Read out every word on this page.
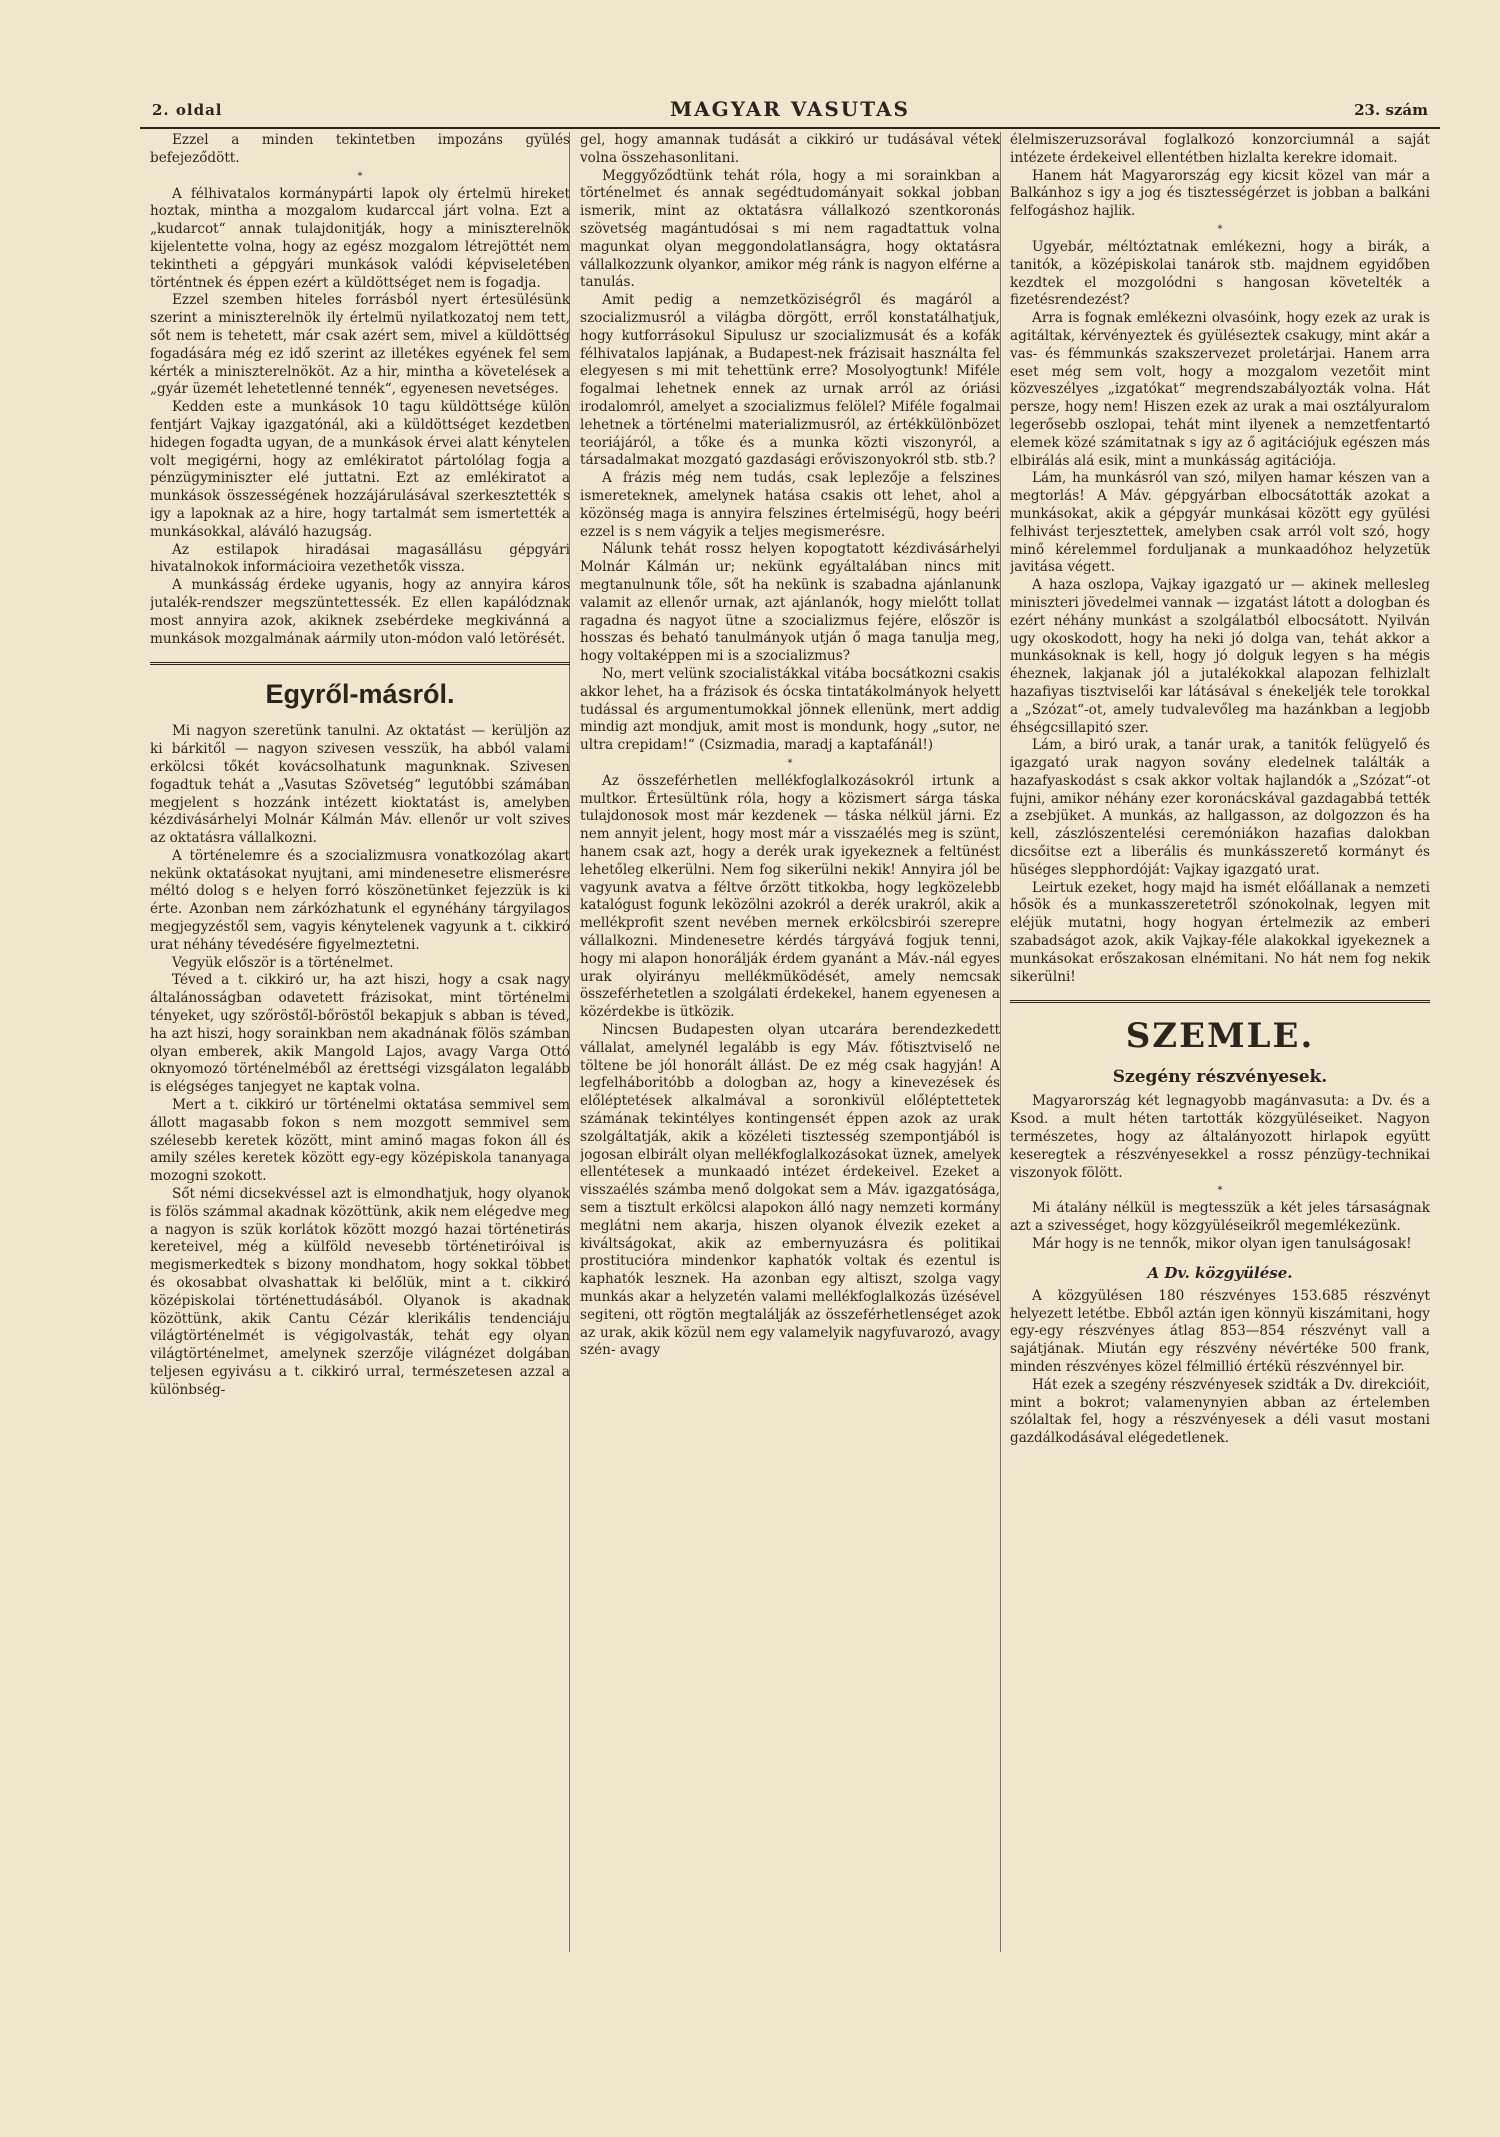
2. oldal	MAGYAR VASUTAS	23. szám

Ezzel a minden tekintetben impozáns gyülés befejeződött.

*

A félhivatalos kormánypárti lapok oly értelmü hireket hoztak, mintha a mozgalom kudarccal járt volna. Ezt a „kudarcot“ annak tulajdonitják, hogy a miniszterelnök kijelentette volna, hogy az egész mozgalom létrejöttét nem tekintheti a gépgyári munkások valódi képviseletében történtnek és éppen ezért a küldöttséget nem is fogadja.

Ezzel szemben hiteles forrásból nyert értesülésünk szerint a miniszterelnök ily értelmü nyilatkozatoj nem tett, sőt nem is tehetett, már csak azért sem, mivel a küldöttség fogadására még ez idő szerint az illetékes egyének fel sem kérték a miniszterelnököt. Az a hir, mintha a követelések a „gyár üzemét lehetetlenné tennék“, egyenesen nevetséges.

Kedden este a munkások 10 tagu küldöttsége külön fentjárt Vajkay igazgatónál, aki a küldöttséget kezdetben hidegen fogadta ugyan, de a munkások érvei alatt kénytelen volt megigérni, hogy az emlékiratot pártolólag fogja a pénzügyminiszter elé juttatni. Ezt az emlékiratot a munkások összességének hozzájárulásával szerkesztették s igy a lapoknak az a hire, hogy tartalmát sem ismertették a munkásokkal, aláváló hazugság.

Az estilapok hiradásai magasállásu gépgyári hivatalnokok informácioira vezethetők vissza.

A munkásság érdeke ugyanis, hogy az annyira káros jutalék-rendszer megszüntettessék. Ez ellen kapálódznak most annyira azok, akiknek zsebérdeke megkivánná a munkások mozgalmának aármily uton-módon való letörését.

Egyről-másról.

Mi nagyon szeretünk tanulni. Az oktatást — kerüljön az ki bárkitől — nagyon szivesen vesszük, ha abból valami erkölcsi tőkét kovácsolhatunk magunknak. Szivesen fogadtuk tehát a „Vasutas Szövetség“ legutóbbi számában megjelent s hozzánk intézett kioktatást is, amelyben kézdivásárhelyi Molnár Kálmán Máv. ellenőr ur volt szives az oktatásra vállalkozni.

A történelemre és a szocializmusra vonatkozólag akart nekünk oktatásokat nyujtani, ami mindenesetre elismerésre méltó dolog s e helyen forró köszönetünket fejezzük is ki érte. Azonban nem zárkózhatunk el egynéhány tárgyilagos megjegyzéstől sem, vagyis kénytelenek vagyunk a t. cikkiró urat néhány tévedésére figyelmeztetni.

Vegyük először is a történelmet.

Téved a t. cikkiró ur, ha azt hiszi, hogy a csak nagy általánosságban odavetett frázisokat, mint történelmi tényeket, ugy szőröstől-bőröstől bekapjuk s abban is téved, ha azt hiszi, hogy sorainkban nem akadnának fölös számban olyan emberek, akik Mangold Lajos, avagy Varga Ottó oknyomozó történelméből az érettségi vizsgálaton legalább is elégséges tanjegyet ne kaptak volna.

Mert a t. cikkiró ur történelmi oktatása semmivel sem állott magasabb fokon s nem mozgott semmivel sem szélesebb keretek között, mint aminő magas fokon áll és amily széles keretek között egy-egy középiskola tananyaga mozogni szokott.

Sőt némi dicsekvéssel azt is elmondhatjuk, hogy olyanok is fölös számmal akadnak közöttünk, akik nem elégedve meg a nagyon is szük korlátok között mozgó hazai történetirás kereteivel, még a külföld nevesebb történetiróival is megismerkedtek s bizony mondhatom, hogy sokkal többet és okosabbat olvashattak ki belőlük, mint a t. cikkiró középiskolai történettudásából. Olyanok is akadnak közöttünk, akik Cantu Cézár klerikális tendenciáju világtörténelmét is végigolvasták, tehát egy olyan világtörténelmet, amelynek szerzője világnézet dolgában teljesen egyivásu a t. cikkiró urral, természetesen azzal a különbség-

gel, hogy amannak tudását a cikkiró ur tudásával vétek volna összehasonlitani.

Meggyőződtünk tehát róla, hogy a mi sorainkban a történelmet és annak segédtudományait sokkal jobban ismerik, mint az oktatásra vállalkozó szentkoronás szövetség magántudósai s mi nem ragadtattuk volna magunkat olyan meggondolatlanságra, hogy oktatásra vállalkozzunk olyankor, amikor még ránk is nagyon elférne a tanulás.

Amit pedig a nemzetköziségről és magáról a szocializmusról a világba dörgött, erről konstatálhatjuk, hogy kutforrásokul Sipulusz ur szocializmusát és a kofák félhivatalos lapjának, a Budapest-nek frázisait használta fel elegyesen s mi mit tehettünk erre? Mosolyogtunk! Miféle fogalmai lehetnek ennek az urnak arról az óriási irodalomról, amelyet a szocializmus felölel? Miféle fogalmai lehetnek a történelmi materializmusról, az értékkülönbözet teoriájáról, a tőke és a munka közti viszonyról, a társadalmakat mozgató gazdasági erőviszonyokról stb. stb.?

A frázis még nem tudás, csak leplezője a felszines ismereteknek, amelynek hatása csakis ott lehet, ahol a közönség maga is annyira felszines értelmiségü, hogy beéri ezzel is s nem vágyik a teljes megismerésre.

Nálunk tehát rossz helyen kopogtatott kézdivásárhelyi Molnár Kálmán ur; nekünk egyáltalában nincs mit megtanulnunk tőle, sőt ha nekünk is szabadna ajánlanunk valamit az ellenőr urnak, azt ajánlanók, hogy mielőtt tollat ragadna és nagyot ütne a szocializmus fejére, először is hosszas és beható tanulmányok utján ő maga tanulja meg, hogy voltaképpen mi is a szocializmus?

No, mert velünk szocialistákkal vitába bocsátkozni csakis akkor lehet, ha a frázisok és ócska tintatákolmányok helyett tudással és argumentumokkal jönnek ellenünk, mert addig mindig azt mondjuk, amit most is mondunk, hogy „sutor, ne ultra crepidam!“ (Csizmadia, maradj a kaptafánál!)

*

Az összeférhetlen mellékfoglalkozásokról irtunk a multkor. Értesültünk róla, hogy a közismert sárga táska tulajdonosok most már kezdenek — táska nélkül járni. Ez nem annyit jelent, hogy most már a visszaélés meg is szünt, hanem csak azt, hogy a derék urak igyekeznek a feltünést lehetőleg elkerülni. Nem fog sikerülni nekik! Annyira jól be vagyunk avatva a féltve őrzött titkokba, hogy legközelebb katalógust fogunk leközölni azokról a derék urakról, akik a mellékprofit szent nevében mernek erkölcsbirói szerepre vállalkozni. Mindenesetre kérdés tárgyává fogjuk tenni, hogy mi alapon honorálják érdem gyanánt a Máv.-nál egyes urak olyirányu mellékmüködését, amely nemcsak összeférhetetlen a szolgálati érdekekel, hanem egyenesen a közérdekbe is ütközik.

Nincsen Budapesten olyan utcarára berendezkedett vállalat, amelynél legalább is egy Máv. főtisztviselő ne töltene be jól honorált állást. De ez még csak hagyján! A legfelháboritóbb a dologban az, hogy a kinevezések és előléptetések alkalmával a soronkivül előléptettetek számának tekintélyes kontingensét éppen azok az urak szolgáltatják, akik a közéleti tisztesség szempontjából is jogosan elbirált olyan mellékfoglalkozásokat üznek, amelyek ellentétesek a munkaadó intézet érdekeivel. Ezeket a visszaélés számba menő dolgokat sem a Máv. igazgatósága, sem a tisztult erkölcsi alapokon álló nagy nemzeti kormány meglátni nem akarja, hiszen olyanok élvezik ezeket a kiváltságokat, akik az embernyuzásra és politikai prostitucióra mindenkor kaphatók voltak és ezentul is kaphatók lesznek. Ha azonban egy altiszt, szolga vagy munkás akar a helyzetén valami mellékfoglalkozás üzésével segiteni, ott rögtön megtalálják az összeférhetlenséget azok az urak, akik közül nem egy valamelyik nagyfuvarozó, avagy szén- avagy

élelmiszeruzsorával foglalkozó konzorciumnál a saját intézete érdekeivel ellentétben hizlalta kerekre idomait.

Hanem hát Magyarország egy kicsit közel van már a Balkánhoz s igy a jog és tisztességérzet is jobban a balkáni felfogáshoz hajlik.

*

Ugyebár, méltóztatnak emlékezni, hogy a birák, a tanitók, a középiskolai tanárok stb. majdnem egyidőben kezdtek el mozgolódni s hangosan követelték a fizetésrendezést?

Arra is fognak emlékezni olvasóink, hogy ezek az urak is agitáltak, kérvényeztek és gyüléseztek csakugy, mint akár a vas- és fémmunkás szakszervezet proletárjai. Hanem arra eset még sem volt, hogy a mozgalom vezetőit mint közveszélyes „izgatókat“ megrendszabályozták volna. Hát persze, hogy nem! Hiszen ezek az urak a mai osztályuralom legerősebb oszlopai, tehát mint ilyenek a nemzetfentartó elemek közé számitatnak s igy az ő agitációjuk egészen más elbirálás alá esik, mint a munkásság agitációja.

Lám, ha munkásról van szó, milyen hamar készen van a megtorlás! A Máv. gépgyárban elbocsátották azokat a munkásokat, akik a gépgyár munkásai között egy gyülési felhivást terjesztettek, amelyben csak arról volt szó, hogy minő kérelemmel forduljanak a munkaadóhoz helyzetük javitása végett.

A haza oszlopa, Vajkay igazgató ur — akinek mellesleg miniszteri jövedelmei vannak — izgatást látott a dologban és ezért néhány munkást a szolgálatból elbocsátott. Nyilván ugy okoskodott, hogy ha neki jó dolga van, tehát akkor a munkásoknak is kell, hogy jó dolguk legyen s ha mégis éheznek, lakjanak jól a jutalékokkal alapozan felhizlalt hazafiyas tisztviselői kar látásával s énekeljék tele torokkal a „Szózat“-ot, amely tudvalevőleg ma hazánkban a legjobb éhségcsillapitó szer.

Lám, a biró urak, a tanár urak, a tanitók felügyelő és igazgató urak nagyon sovány eledelnek találták a hazafyaskodást s csak akkor voltak hajlandók a „Szózat“-ot fujni, amikor néhány ezer koronácskával gazdagabbá tették a zsebjüket. A munkás, az hallgasson, az dolgozzon és ha kell, zászlószentelési ceremóniákon hazafias dalokban dicsőitse ezt a liberális és munkásszerető kormányt és hüséges slepphordóját: Vajkay igazgató urat.

Leirtuk ezeket, hogy majd ha ismét előállanak a nemzeti hősök és a munkasszeretetről szónokolnak, legyen mit eléjük mutatni, hogy hogyan értelmezik az emberi szabadságot azok, akik Vajkay-féle alakokkal igyekeznek a munkásokat erőszakosan elnémitani. No hát nem fog nekik sikerülni!

SZEMLE.
Szegény részvényesek.

Magyarország két legnagyobb magánvasuta: a Dv. és a Ksod. a mult héten tartották közgyüléseiket. Nagyon természetes, hogy az általányozott hirlapok együtt keseregtek a részvényesekkel a rossz pénzügy-technikai viszonyok fölött.

*

Mi átalány nélkül is megtesszük a két jeles társaságnak azt a szivességet, hogy közgyüléseikről megemlékezünk.

Már hogy is ne tennők, mikor olyan igen tanulságosak!

A Dv. közgyülése.

A közgyülésen 180 részvényes 153.685 részvényt helyezett letétbe. Ebből aztán igen könnyü kiszámitani, hogy egy-egy részvényes átlag 853—854 részvényt vall a sajátjának. Miután egy részvény névértéke 500 frank, minden részvényes közel félmillió értékü részvénnyel bir.

Hát ezek a szegény részvényesek szidták a Dv. direkcióit, mint a bokrot; valamenynyien abban az értelemben szólaltak fel, hogy a részvényesek a déli vasut mostani gazdálkodásával elégedetlenek.
